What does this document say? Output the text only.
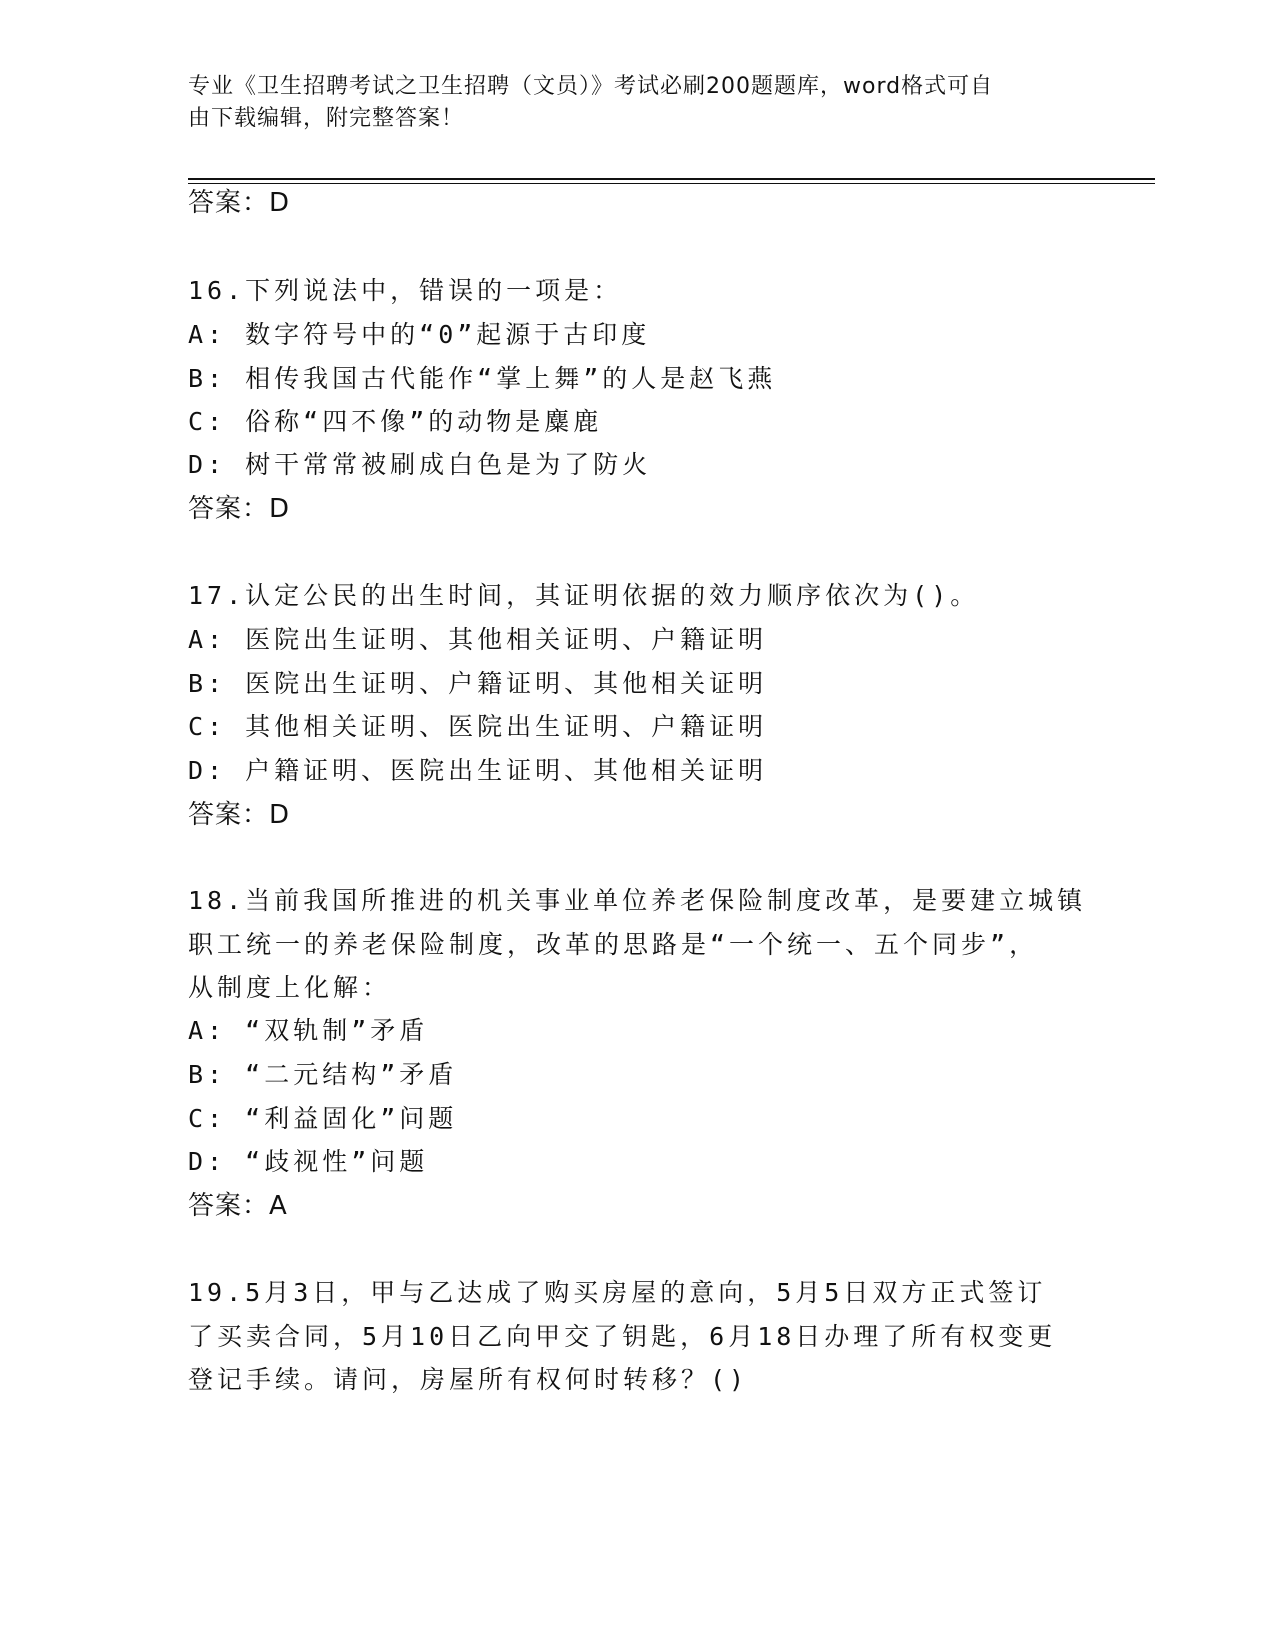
专业《卫生招聘考试之卫生招聘（文员）》考试必刷200题题库，word格式可自
由下载编辑，附完整答案！
答案：D
16.下列说法中，错误的一项是：
A: 数字符号中的“0”起源于古印度
B: 相传我国古代能作“掌上舞”的人是赵飞燕
C: 俗称“四不像”的动物是麋鹿
D: 树干常常被刷成白色是为了防火
答案：D
17.认定公民的出生时间，其证明依据的效力顺序依次为()。
A: 医院出生证明、其他相关证明、户籍证明
B: 医院出生证明、户籍证明、其他相关证明
C: 其他相关证明、医院出生证明、户籍证明
D: 户籍证明、医院出生证明、其他相关证明
答案：D
18.当前我国所推进的机关事业单位养老保险制度改革，是要建立城镇
职工统一的养老保险制度，改革的思路是“一个统一、五个同步”，
从制度上化解：
A: “双轨制”矛盾
B: “二元结构”矛盾
C: “利益固化”问题
D: “歧视性”问题
答案：A
19.5月3日，甲与乙达成了购买房屋的意向，5月5日双方正式签订
了买卖合同，5月10日乙向甲交了钥匙，6月18日办理了所有权变更
登记手续。请问，房屋所有权何时转移？()
